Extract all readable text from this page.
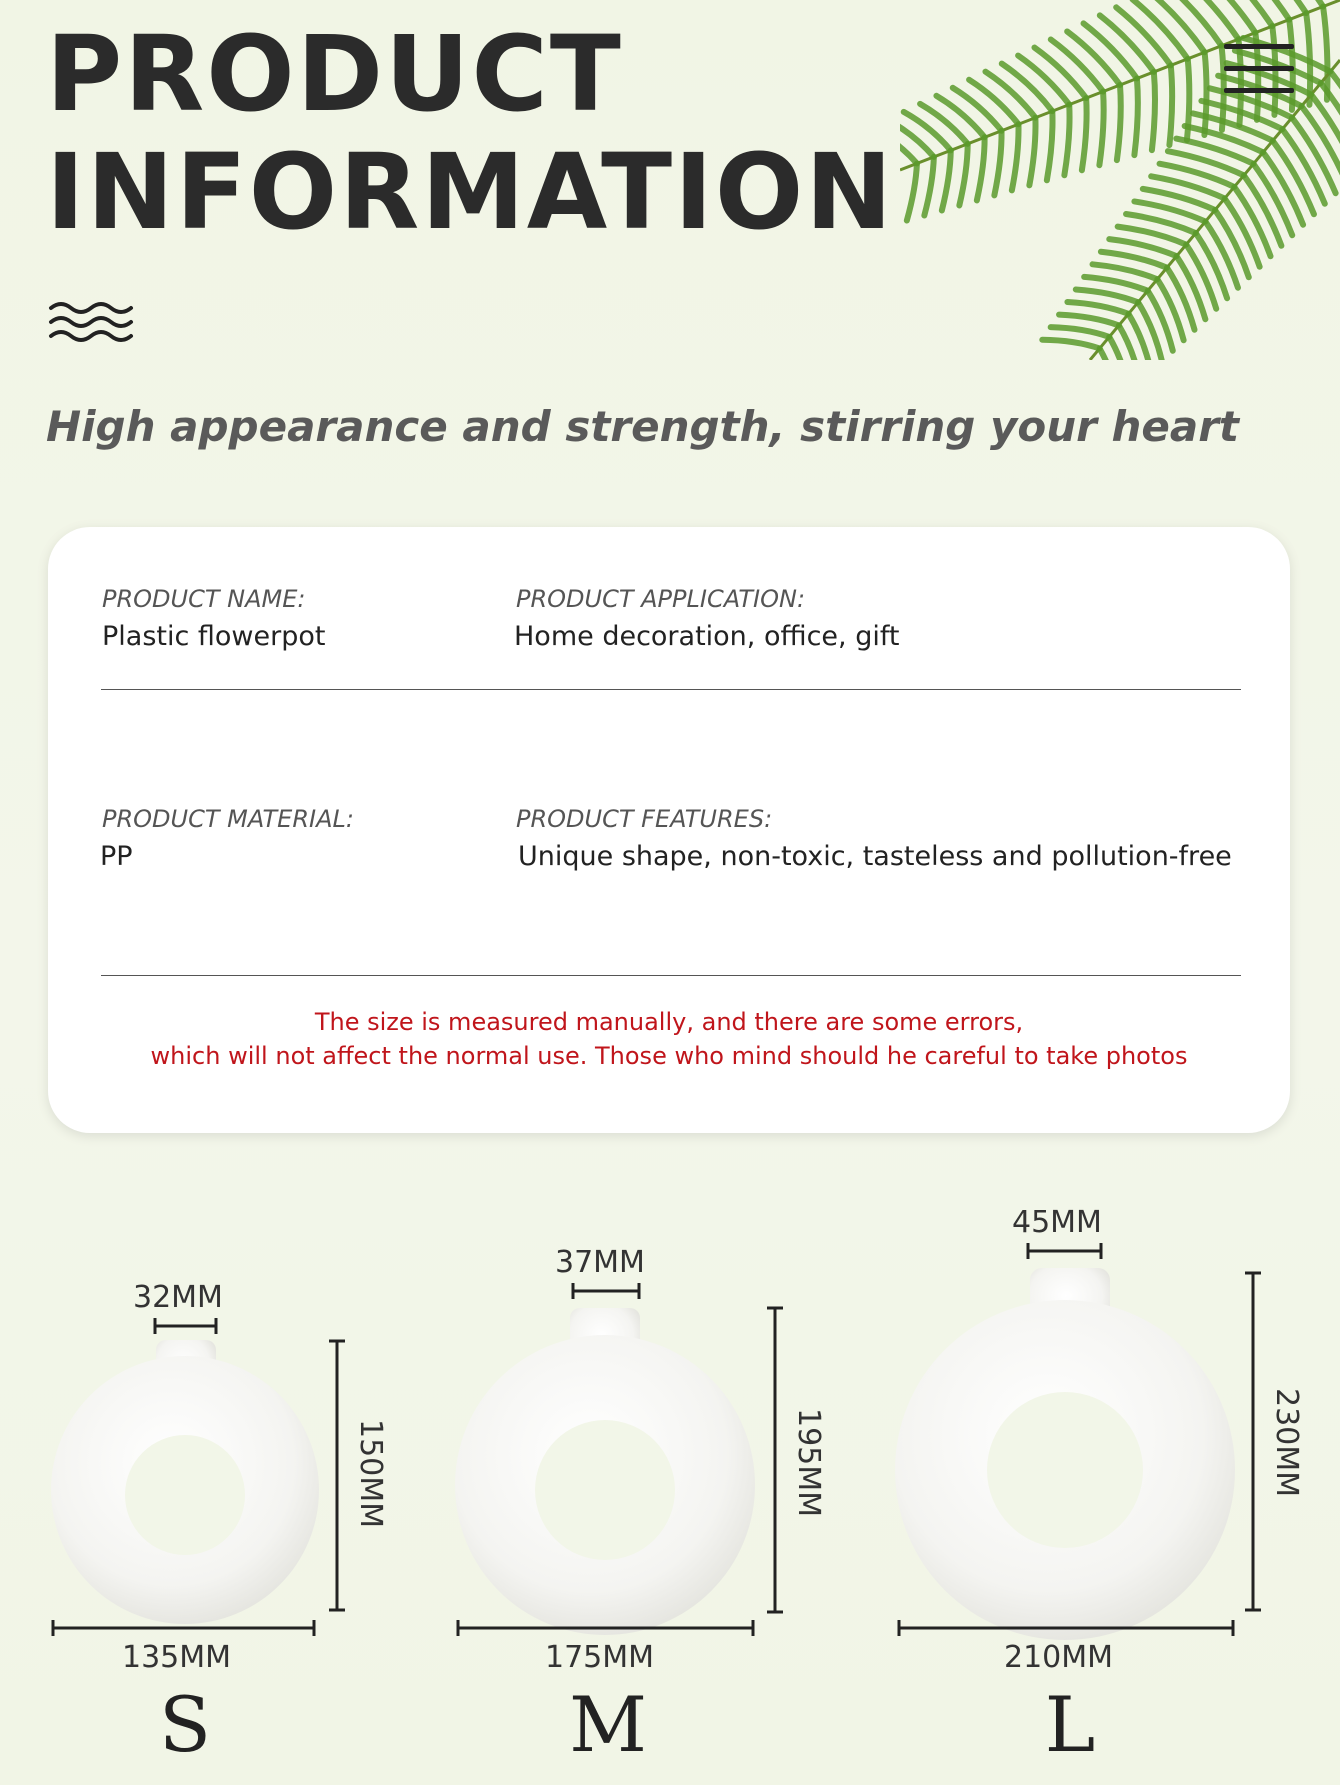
PRODUCT
INFORMATION

High appearance and strength, stirring your heart

PRODUCT NAME:
Plastic flowerpot
PRODUCT APPLICATION:
Home decoration, office, gift
PRODUCT MATERIAL:
PP
PRODUCT FEATURES:
Unique shape, non-toxic, tasteless and pollution-free
The size is measured manually, and there are some errors,
which will not affect the normal use. Those who mind should he careful to take photos
32MM
150MM
135MM
S
37MM
195MM
175MM
M
45MM
230MM
210MM
L
